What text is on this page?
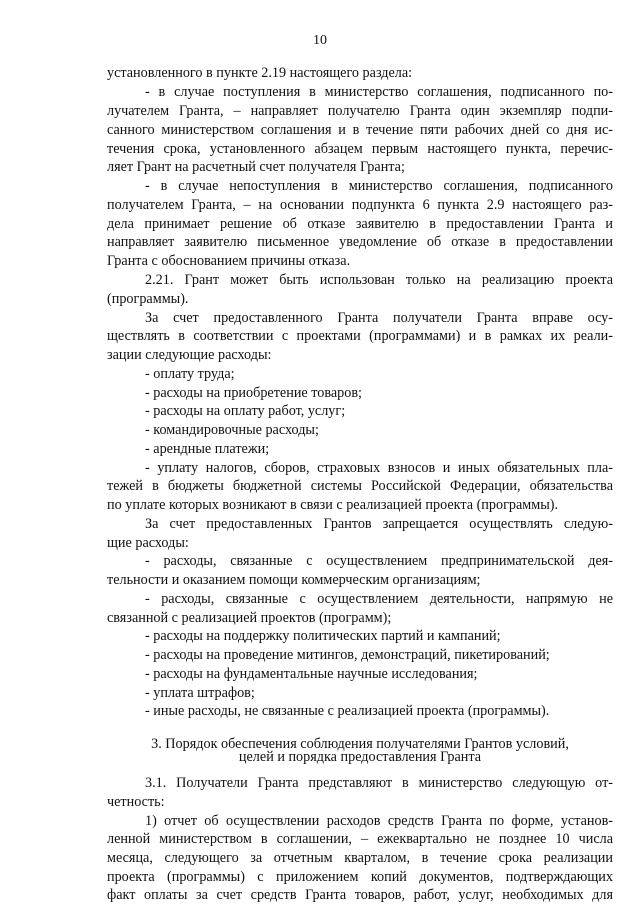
10
установленного в пункте 2.19 настоящего раздела:
- в случае поступления в министерство соглашения, подписанного по-
лучателем Гранта, – направляет получателю Гранта один экземпляр подпи-
санного министерством соглашения и в течение пяти рабочих дней со дня ис-
течения срока, установленного абзацем первым настоящего пункта, перечис-
ляет Грант на расчетный счет получателя Гранта;
- в случае непоступления в министерство соглашения, подписанного
получателем Гранта, – на основании подпункта 6 пункта 2.9 настоящего раз-
дела принимает решение об отказе заявителю в предоставлении Гранта и
направляет заявителю письменное уведомление об отказе в предоставлении
Гранта с обоснованием причины отказа.
2.21. Грант может быть использован только на реализацию проекта
(программы).
За счет предоставленного Гранта получатели Гранта вправе осу-
ществлять в соответствии с проектами (программами) и в рамках их реали-
зации следующие расходы:
- оплату труда;
- расходы на приобретение товаров;
- расходы на оплату работ, услуг;
- командировочные расходы;
- арендные платежи;
- уплату налогов, сборов, страховых взносов и иных обязательных пла-
тежей в бюджеты бюджетной системы Российской Федерации, обязательства
по уплате которых возникают в связи с реализацией проекта (программы).
За счет предоставленных Грантов запрещается осуществлять следую-
щие расходы:
- расходы, связанные с осуществлением предпринимательской дея-
тельности и оказанием помощи коммерческим организациям;
- расходы, связанные с осуществлением деятельности, напрямую не
связанной с реализацией проектов (программ);
- расходы на поддержку политических партий и кампаний;
- расходы на проведение митингов, демонстраций, пикетирований;
- расходы на фундаментальные научные исследования;
- уплата штрафов;
- иные расходы, не связанные с реализацией проекта (программы).
3. Порядок обеспечения соблюдения получателями Грантов условий,
целей и порядка предоставления Гранта
3.1. Получатели Гранта представляют в министерство следующую от-
четность:
1) отчет об осуществлении расходов средств Гранта по форме, установ-
ленной министерством в соглашении, – ежеквартально не позднее 10 числа
месяца, следующего за отчетным кварталом, в течение срока реализации
проекта (программы) с приложением копий документов, подтверждающих
факт оплаты за счет средств Гранта товаров, работ, услуг, необходимых для
